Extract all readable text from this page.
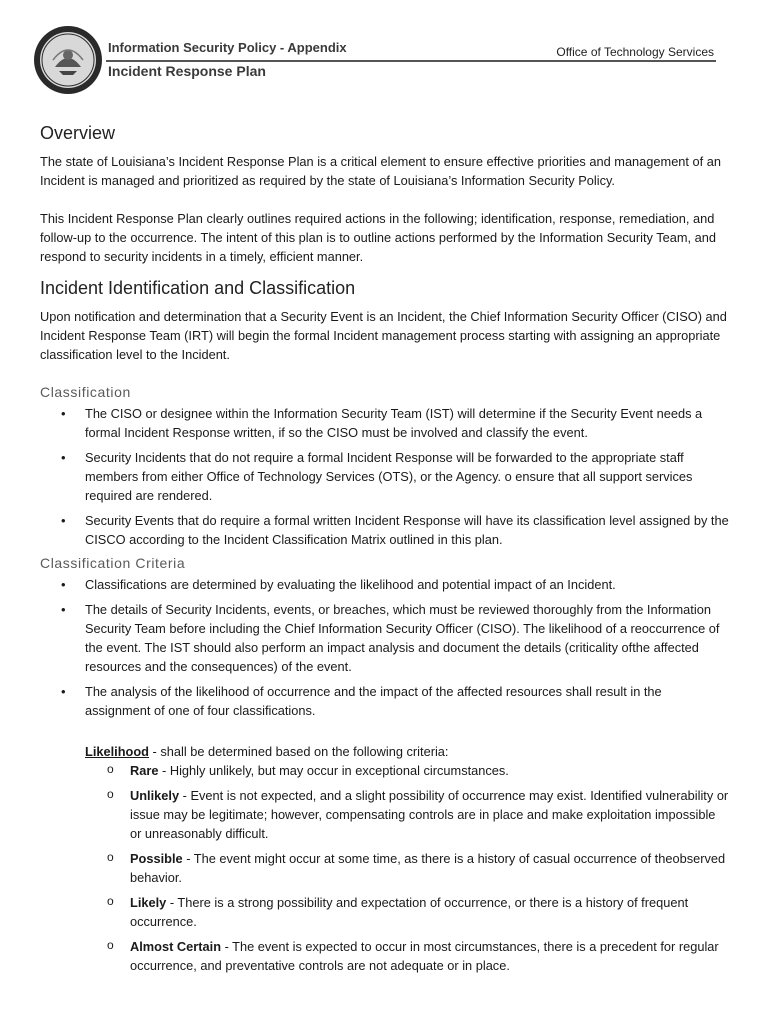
Information Security Policy - Appendix	Office of Technology Services
Incident Response Plan
Overview

The state of Louisiana’s Incident Response Plan is a critical element to ensure effective priorities and management of an Incident is managed and prioritized as required by the state of Louisiana’s Information Security Policy.

This Incident Response Plan clearly outlines required actions in the following; identification, response, remediation, and follow-up to the occurrence. The intent of this plan is to outline actions performed by the Information Security Team, and respond to security incidents in a timely, efficient manner.

Incident Identification and Classification

Upon notification and determination that a Security Event is an Incident, the Chief Information Security Officer (CISO) and Incident Response Team (IRT) will begin the formal Incident management process starting with assigning an appropriate classification level to the Incident.

Classification
• The CISO or designee within the Information Security Team (IST) will determine if the Security Event needs a formal Incident Response written, if so the CISO must be involved and classify the event.
• Security Incidents that do not require a formal Incident Response will be forwarded to the appropriate staff members from either Office of Technology Services (OTS), or the Agency. o ensure that all support services required are rendered.
• Security Events that do require a formal written Incident Response will have its classification level assigned by the CISCO according to the Incident Classification Matrix outlined in this plan.
Classification Criteria
• Classifications are determined by evaluating the likelihood and potential impact of an Incident.
• The details of Security Incidents, events, or breaches, which must be reviewed thoroughly from the Information Security Team before including the Chief Information Security Officer (CISO). The likelihood of a reoccurrence of the event. The IST should also perform an impact analysis and document the details (criticality ofthe affected resources and the consequences) of the event.
• The analysis of the likelihood of occurrence and the impact of the affected resources shall result in the assignment of one of four classifications.

Likelihood - shall be determined based on the following criteria:

o Rare - Highly unlikely, but may occur in exceptional circumstances.
o Unlikely - Event is not expected, and a slight possibility of occurrence may exist. Identified vulnerability or issue may be legitimate; however, compensating controls are in place and make exploitation impossible or unreasonably difficult.
o Possible - The event might occur at some time, as there is a history of casual occurrence of theobserved behavior.
o Likely - There is a strong possibility and expectation of occurrence, or there is a history of frequent occurrence.
o Almost Certain - The event is expected to occur in most circumstances, there is a precedent for regular occurrence, and preventative controls are not adequate or in place.
